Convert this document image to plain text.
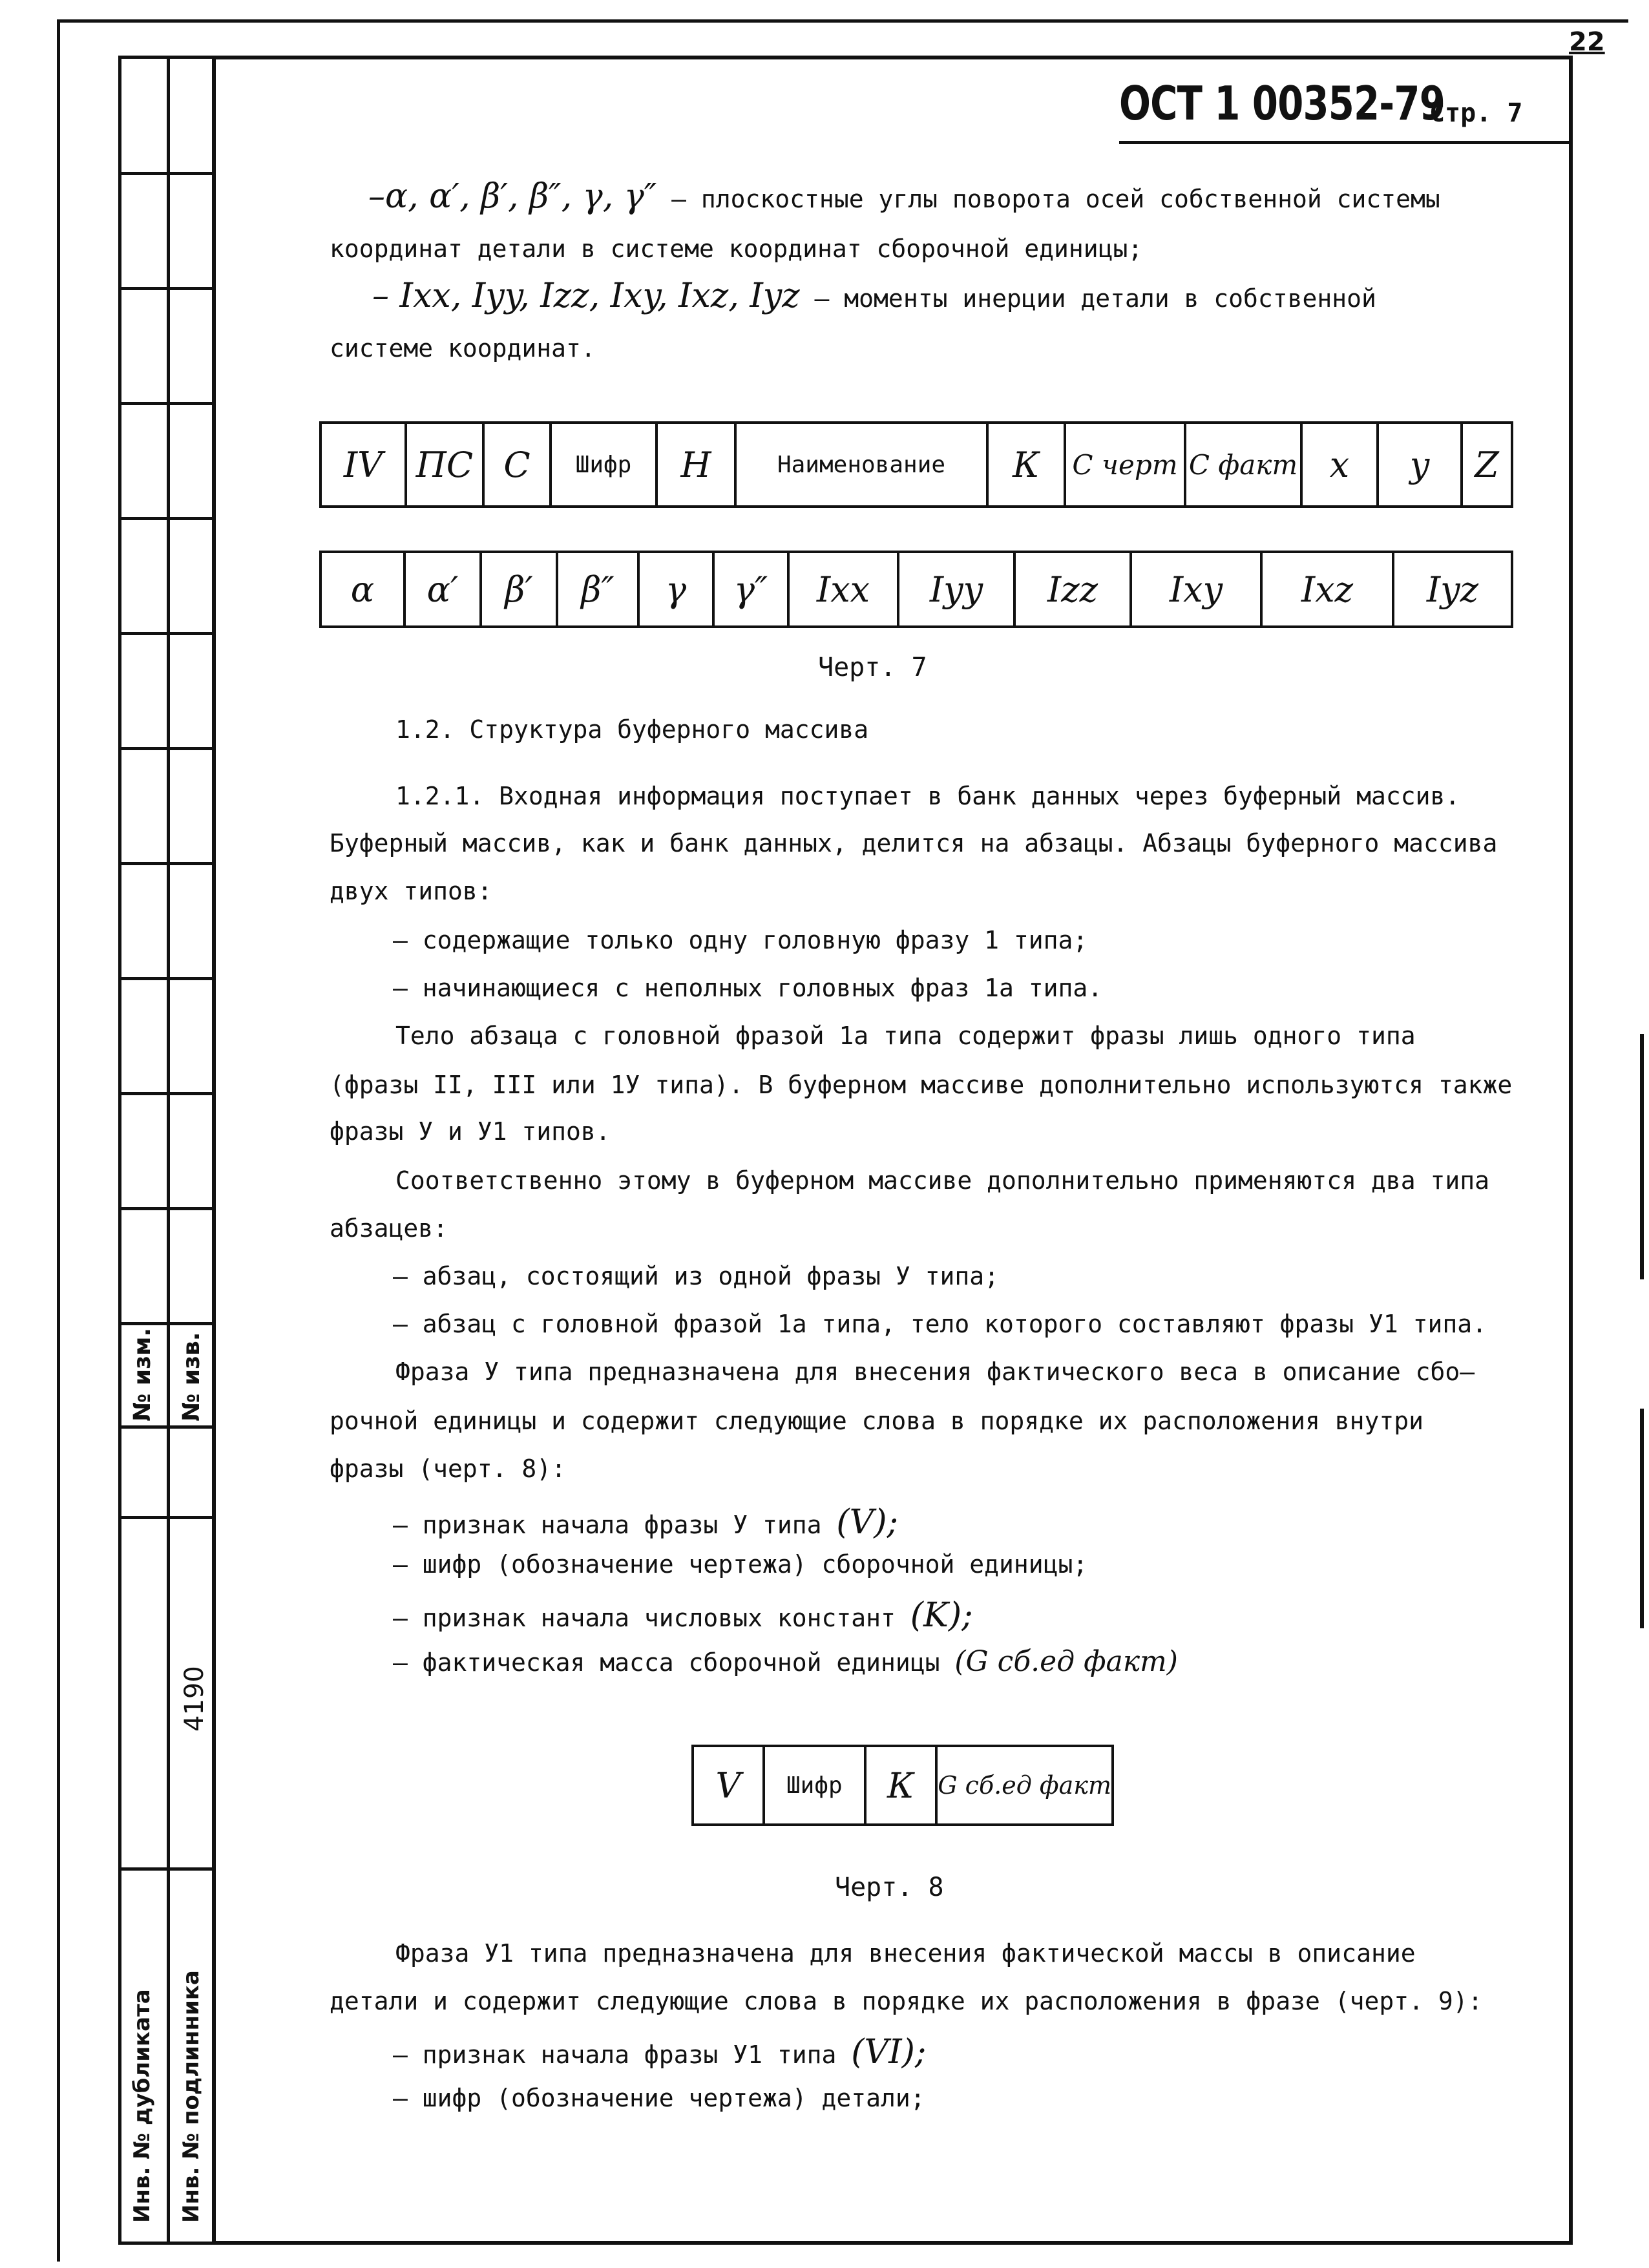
№ изм. № изв.
4190
Инв. № дубликата Инв. № подлинника
22
ОСТ 1 00352-79
Стр. 7
–α, α′, β′, β″, γ, γ″ – плоскостные углы поворота осей собственной системы
координат детали в системе координат сборочной единицы;
– Ixx, Iyy, Izz, Ixy, Ixz, Iyz – моменты инерции детали в собственной
системе координат.
IV	ПС	С	Шифр	Н	Наименование	К	С черт	С факт	x	y	Z
α	α′	β′	β″	γ	γ″	Ixx	Iyy	Izz	Ixy	Ixz	Iyz
Черт. 7
1.2. Структура буферного массива
1.2.1. Входная информация поступает в банк данных через буферный массив.
Буферный массив, как и банк данных, делится на абзацы. Абзацы буферного массива
двух типов:
– содержащие только одну головную фразу 1 типа;
– начинающиеся с неполных головных фраз 1а типа.
Тело абзаца с головной фразой 1а типа содержит фразы лишь одного типа
(фразы II, III или 1У типа). В буферном массиве дополнительно используются также
фразы У и У1 типов.
Соответственно этому в буферном массиве дополнительно применяются два типа
абзацев:
– абзац, состоящий из одной фразы У типа;
– абзац с головной фразой 1а типа, тело которого составляют фразы У1 типа.
Фраза У типа предназначена для внесения фактического веса в описание сбо–
рочной единицы и содержит следующие слова в порядке их расположения внутри
фразы (черт. 8):
– признак начала фразы У типа (V);
– шифр (обозначение чертежа) сборочной единицы;
– признак начала числовых констант (K);
– фактическая масса сборочной единицы (G сб.ед факт)
V	Шифр	К	G сб.ед факт
Черт. 8
Фраза У1 типа предназначена для внесения фактической массы в описание
детали и содержит следующие слова в порядке их расположения в фразе (черт. 9):
– признак начала фразы У1 типа (VI);
– шифр (обозначение чертежа) детали;
